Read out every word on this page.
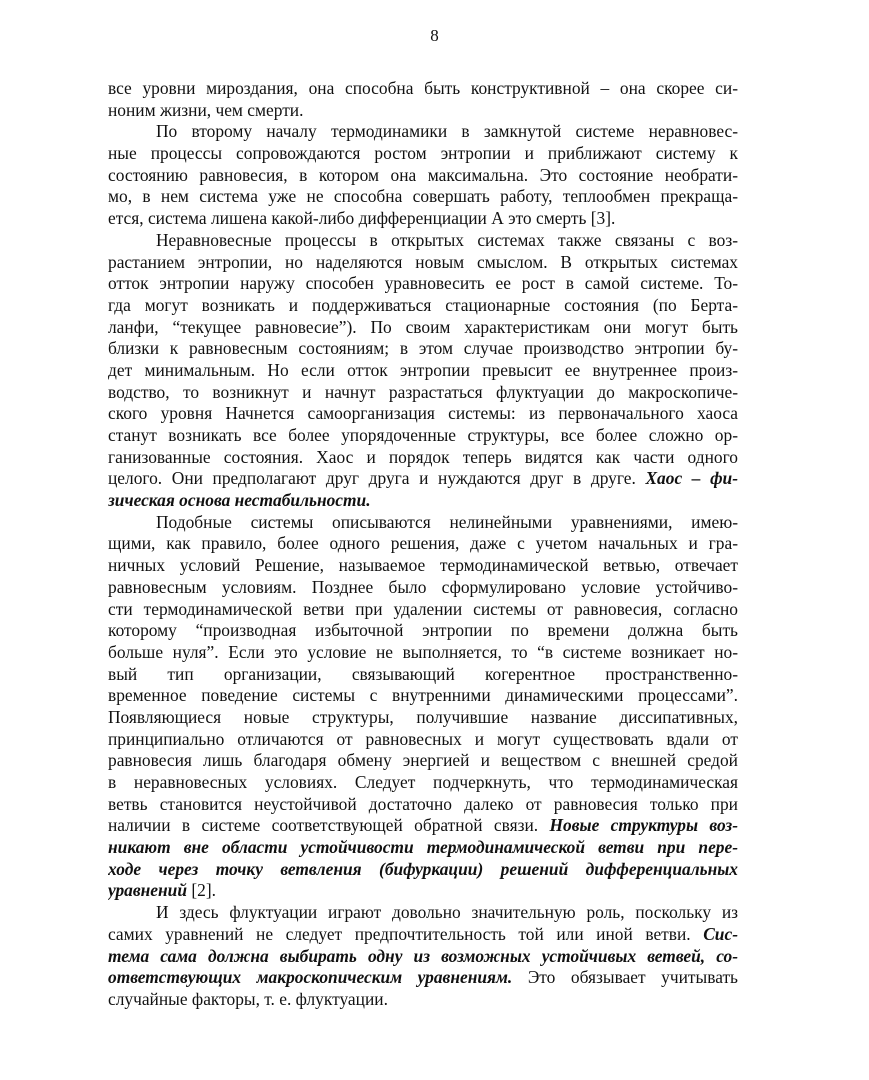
8
все уровни мироздания, она способна быть конструктивной – она скорее си-
ноним жизни, чем смерти.
По второму началу термодинамики в замкнутой системе неравновес-
ные процессы сопровождаются ростом энтропии и приближают систему к
состоянию равновесия, в котором она максимальна. Это состояние необрати-
мо, в нем система уже не способна совершать работу, теплообмен прекраща-
ется, система лишена какой-либо дифференциации А это смерть [3].
Неравновесные процессы в открытых системах также связаны с воз-
растанием энтропии, но наделяются новым смыслом. В открытых системах
отток энтропии наружу способен уравновесить ее рост в самой системе. То-
гда могут возникать и поддерживаться стационарные состояния (по Берта-
ланфи, “текущее равновесие”). По своим характеристикам они могут быть
близки к равновесным состояниям; в этом случае производство энтропии бу-
дет минимальным. Но если отток энтропии превысит ее внутреннее произ-
водство, то возникнут и начнут разрастаться флуктуации до макроскопиче-
ского уровня Начнется самоорганизация системы: из первоначального хаоса
станут возникать все более упорядоченные структуры, все более сложно ор-
ганизованные состояния. Хаос и порядок теперь видятся как части одного
целого. Они предполагают друг друга и нуждаются друг в друге. Хаос – фи-
зическая основа нестабильности.
Подобные системы описываются нелинейными уравнениями, имею-
щими, как правило, более одного решения, даже с учетом начальных и гра-
ничных условий Решение, называемое термодинамической ветвью, отвечает
равновесным условиям. Позднее было сформулировано условие устойчиво-
сти термодинамической ветви при удалении системы от равновесия, согласно
которому “производная избыточной энтропии по времени должна быть
больше нуля”. Если это условие не выполняется, то “в системе возникает но-
вый тип организации, связывающий когерентное пространственно-
временное поведение системы с внутренними динамическими процессами”.
Появляющиеся новые структуры, получившие название диссипативных,
принципиально отличаются от равновесных и могут существовать вдали от
равновесия лишь благодаря обмену энергией и веществом с внешней средой
в неравновесных условиях. Следует подчеркнуть, что термодинамическая
ветвь становится неустойчивой достаточно далеко от равновесия только при
наличии в системе соответствующей обратной связи. Новые структуры воз-
никают вне области устойчивости термодинамической ветви при пере-
ходе через точку ветвления (бифуркации) решений дифференциальных
уравнений [2].
И здесь флуктуации играют довольно значительную роль, поскольку из
самих уравнений не следует предпочтительность той или иной ветви. Сис-
тема сама должна выбирать одну из возможных устойчивых ветвей, со-
ответствующих макроскопическим уравнениям. Это обязывает учитывать
случайные факторы, т. е. флуктуации.
